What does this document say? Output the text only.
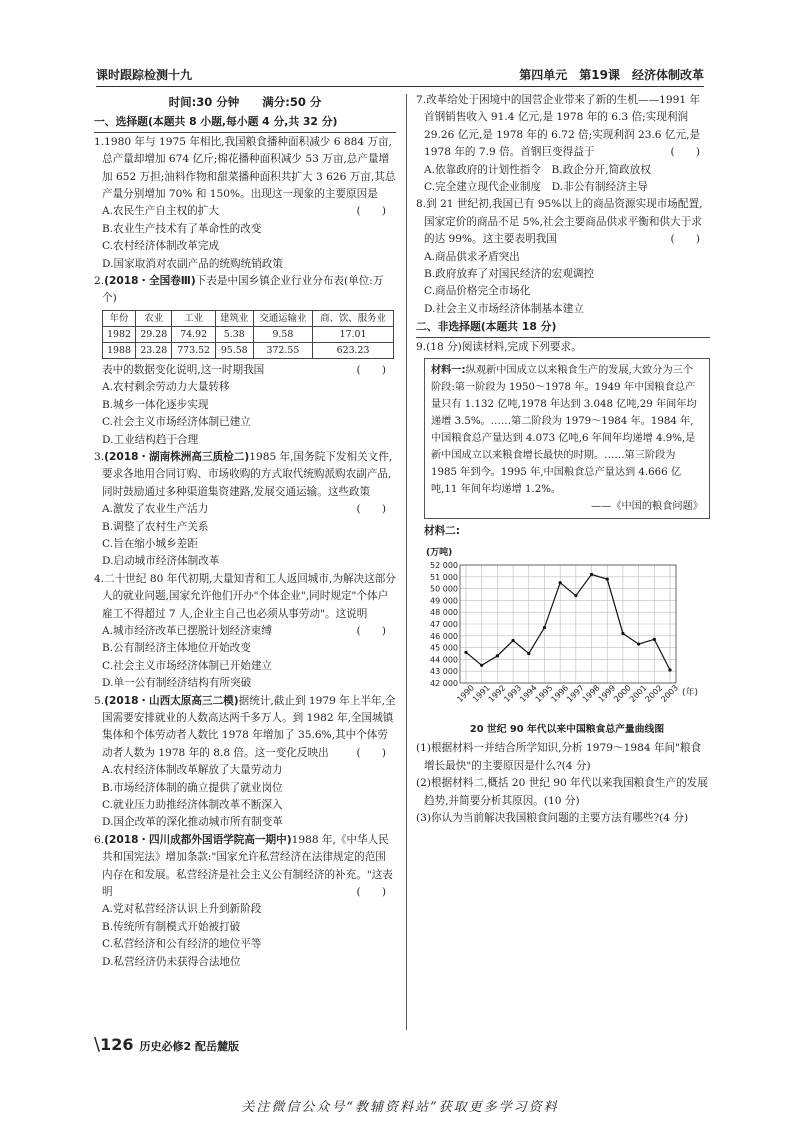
课时跟踪检测十九	第四单元　第19课　经济体制改革
时间:30 分钟　　满分:50 分
一、选择题(本题共 8 小题,每小题 4 分,共 32 分)
1.1980 年与 1975 年相比,我国粮食播种面积减少 6 884 万亩,总产量却增加 674 亿斤;棉花播种面积减少 53 万亩,总产量增加 652 万担;油料作物和甜菜播种面积共扩大 3 626 万亩,其总产量分别增加 70% 和 150%。出现这一现象的主要原因是
(　　)
A.农民生产自主权的扩大
B.农业生产技术有了革命性的改变
C.农村经济体制改革完成
D.国家取消对农副产品的统购统销政策
2.(2018・全国卷Ⅲ)下表是中国乡镇企业行业分布表(单位:万个)
年份	农业	工业	建筑业	交通运输业	商、饮、服务业
1982	29.28	74.92	5.38	9.58	17.01
1988	23.28	773.52	95.58	372.55	623.23
表中的数据变化说明,这一时期我国	(　　)
A.农村剩余劳动力大量转移
B.城乡一体化逐步实现
C.社会主义市场经济体制已建立
D.工业结构趋于合理
3.(2018・湖南株洲高三质检二)1985 年,国务院下发相关文件,要求各地用合同订购、市场收购的方式取代统购派购农副产品,同时鼓励通过多种渠道集资建路,发展交通运输。这些政策
(　　)
A.激发了农业生产活力
B.调整了农村生产关系
C.旨在缩小城乡差距
D.启动城市经济体制改革
4.二十世纪 80 年代初期,大量知青和工人返回城市,为解决这部分人的就业问题,国家允许他们开办"个体企业",同时规定"个体户雇工不得超过 7 人,企业主自己也必须从事劳动"。这说明
(　　)
A.城市经济改革已摆脱计划经济束缚
B.公有制经济主体地位开始改变
C.社会主义市场经济体制已开始建立
D.单一公有制经济结构有所突破
5.(2018・山西太原高三二模)据统计,截止到 1979 年上半年,全国需要安排就业的人数高达两千多万人。到 1982 年,全国城镇集体和个体劳动者人数比 1978 年增加了 35.6%,其中个体劳动者人数为 1978 年的 8.8 倍。这一变化反映出	(　　)
A.农村经济体制改革解放了大量劳动力
B.市场经济体制的确立提供了就业岗位
C.就业压力助推经济体制改革不断深入
D.国企改革的深化推动城市所有制变革
6.(2018・四川成都外国语学院高一期中)1988 年,《中华人民共和国宪法》增加条款:"国家允许私营经济在法律规定的范围内存在和发展。私营经济是社会主义公有制经济的补充。"这表明	(　　)
A.党对私营经济认识上升到新阶段
B.传统所有制模式开始被打破
C.私营经济和公有经济的地位平等
D.私营经济仍未获得合法地位
7.改革给处于困境中的国营企业带来了新的生机——1991 年首钢销售收入 91.4 亿元,是 1978 年的 6.3 倍;实现利润 29.26 亿元,是 1978 年的 6.72 倍;实现利润 23.6 亿元,是 1978 年的 7.9 倍。首钢巨变得益于	(　　)
A.依靠政府的计划性指令　B.政企分开,简政放权
C.完全建立现代企业制度　D.非公有制经济主导
8.到 21 世纪初,我国已有 95%以上的商品资源实现市场配置,国家定价的商品不足 5%,社会主要商品供求平衡和供大于求的达 99%。这主要表明我国	(　　)
A.商品供求矛盾突出
B.政府放弃了对国民经济的宏观调控
C.商品价格完全市场化
D.社会主义市场经济体制基本建立
二、非选择题(本题共 18 分)
9.(18 分)阅读材料,完成下列要求。
材料一:纵观新中国成立以来粮食生产的发展,大致分为三个阶段:第一阶段为 1950～1978 年。1949 年中国粮食总产量只有 1.132 亿吨,1978 年达到 3.048 亿吨,29 年间年均递增 3.5%。……第二阶段为 1979～1984 年。1984 年,中国粮食总产量达到 4.073 亿吨,6 年间年均递增 4.9%,是新中国成立以来粮食增长最快的时期。……第三阶段为 1985 年到今。1995 年,中国粮食总产量达到 4.666 亿吨,11 年间年均递增 1.2%。
——《中国的粮食问题》
材料二:
42 000
43 000
44 000
45 000
46 000
47 000
48 000
49 000
50 000
51 000
52 000
1990
1991
1992
1993
1994
1995
1996
1997
1998
1999
2000
2001
2002
2003
(万吨)
(年)
20 世纪 90 年代以来中国粮食总产量曲线图
(1)根据材料一并结合所学知识,分析 1979～1984 年间"粮食增长最快"的主要原因是什么?(4 分)
(2)根据材料二,概括 20 世纪 90 年代以来我国粮食生产的发展趋势,并简要分析其原因。(10 分)
(3)你认为当前解决我国粮食问题的主要方法有哪些?(4 分)
\126 历史必修2 配岳麓版
关注微信公众号“教辅资料站”获取更多学习资料
